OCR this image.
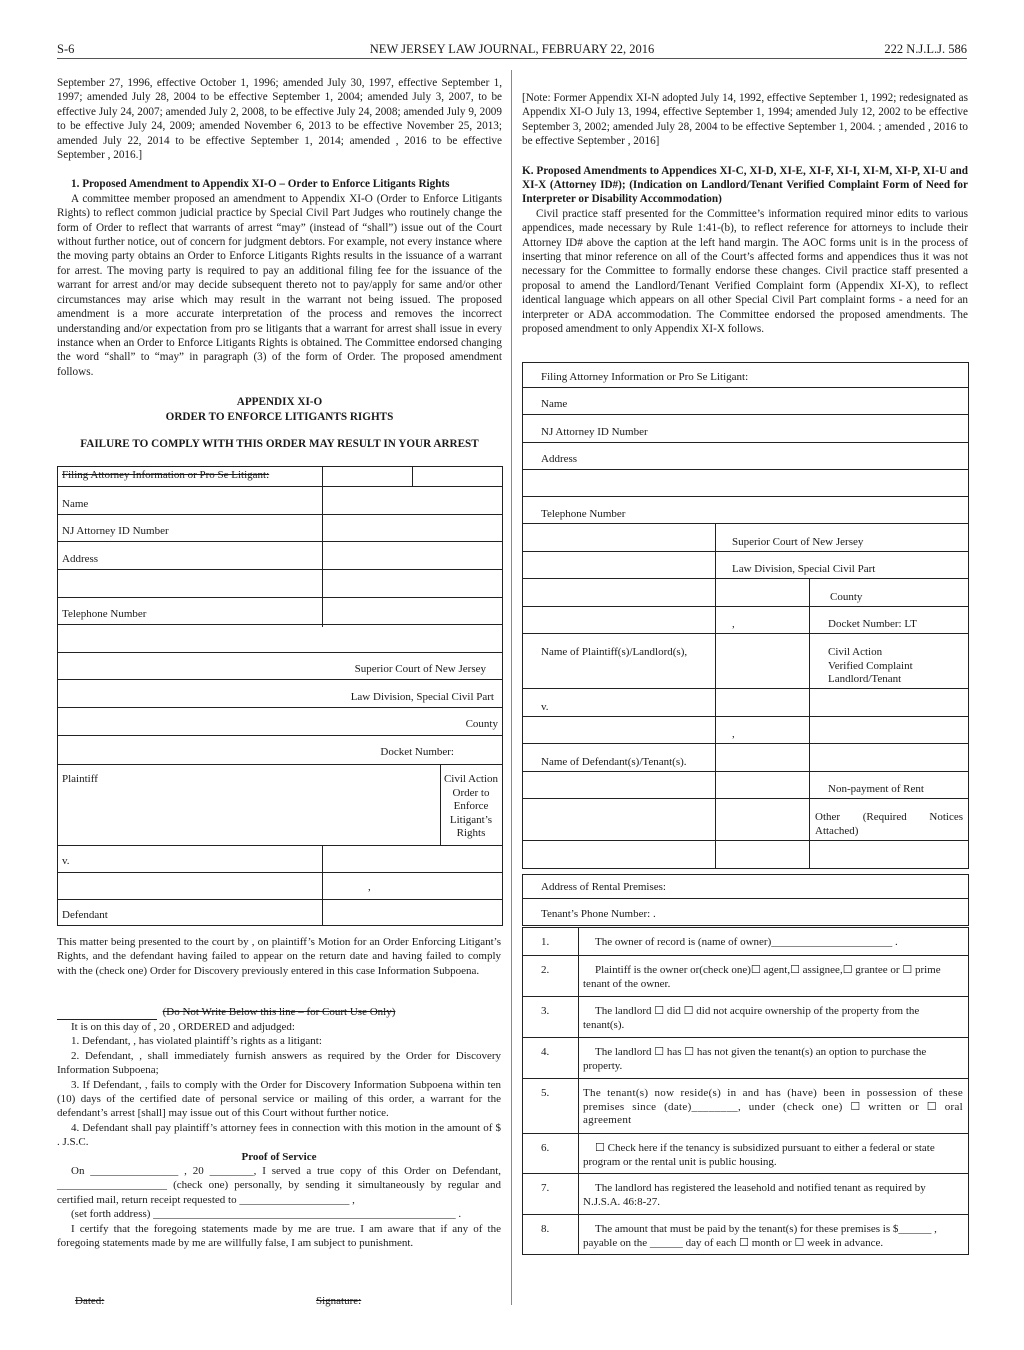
S-6	NEW JERSEY LAW JOURNAL, FEBRUARY 22, 2016	222 N.J.L.J. 586

September 27, 1996, effective October 1, 1996; amended July 30, 1997, effective September 1, 1997; amended July 28, 2004 to be effective September 1, 2004; amended July 3, 2007, to be effective July 24, 2007; amended July 2, 2008, to be effective July 24, 2008; amended July 9, 2009 to be effective July 24, 2009; amended November 6, 2013 to be effective November 25, 2013; amended July 22, 2014 to be effective September 1, 2014; amended , 2016 to be effective September , 2016.]

1. Proposed Amendment to Appendix XI-O – Order to Enforce Litigants Rights

A committee member proposed an amendment to Appendix XI-O (Order to Enforce Litigants Rights) to reflect common judicial practice by Special Civil Part Judges who routinely change the form of Order to reflect that warrants of arrest “may” (instead of “shall”) issue out of the Court without further notice, out of concern for judgment debtors. For example, not every instance where the moving party obtains an Order to Enforce Litigants Rights results in the issuance of a warrant for arrest. The moving party is required to pay an additional filing fee for the issuance of the warrant for arrest and/or may decide subsequent thereto not to pay/apply for same and/or other circumstances may arise which may result in the warrant not being issued. The proposed amendment is a more accurate interpretation of the process and removes the incorrect understanding and/or expectation from pro se litigants that a warrant for arrest shall issue in every instance when an Order to Enforce Litigants Rights is obtained. The Committee endorsed changing the word “shall” to “may” in paragraph (3) of the form of Order. The proposed amendment follows.

APPENDIX XI-O

ORDER TO ENFORCE LITIGANTS RIGHTS

FAILURE TO COMPLY WITH THIS ORDER MAY RESULT IN YOUR ARREST

Filing Attorney Information or Pro Se Litigant:
Name
NJ Attorney ID Number
Address
Telephone Number
Superior Court of New Jersey
Law Division, Special Civil Part
County
Docket Number:
Plaintiff	Civil Action
Order to
Enforce
Litigant’s
Rights
v.
,
Defendant
This matter being presented to the court by , on plaintiff’s Motion for an Order Enforcing Litigant’s Rights, and the defendant having failed to appear on the return date and having failed to comply with the (check one) Order for Discovery previously entered in this case Information Subpoena.
(Do Not Write Below this line – for Court Use Only)

It is on this day of , 20 , ORDERED and adjudged:

1. Defendant, , has violated plaintiff’s rights as a litigant:

2. Defendant, , shall immediately furnish answers as required by the Order for Discovery Information Subpoena;

3. If Defendant, , fails to comply with the Order for Discovery Information Subpoena within ten (10) days of the certified date of personal service or mailing of this order, a warrant for the defendant’s arrest [shall] may issue out of this Court without further notice.

4. Defendant shall pay plaintiff’s attorney fees in connection with this motion in the amount of $ . J.S.C.

Proof of Service

On ________________ , 20 ________, I served a true copy of this Order on Defendant, ____________________ (check one) personally, by sending it simultaneously by regular and certified mail, return receipt requested to ____________________ ,

(set forth address) _______________________________________________________ .

I certify that the foregoing statements made by me are true. I am aware that if any of the foregoing statements made by me are willfully false, I am subject to punishment.

Dated:	Signature:

[Note: Former Appendix XI-N adopted July 14, 1992, effective September 1, 1992; redesignated as Appendix XI-O July 13, 1994, effective September 1, 1994; amended July 12, 2002 to be effective September 3, 2002; amended July 28, 2004 to be effective September 1, 2004. ; amended , 2016 to be effective September , 2016]

K. Proposed Amendments to Appendices XI-C, XI-D, XI-E, XI-F, XI-I, XI-M, XI-P, XI-U and XI-X (Attorney ID#); (Indication on Landlord/Tenant Verified Complaint Form of Need for Interpreter or Disability Accommodation)

Civil practice staff presented for the Committee’s information required minor edits to various appendices, made necessary by Rule 1:41-(b), to reflect reference for attorneys to include their Attorney ID# above the caption at the left hand margin. The AOC forms unit is in the process of inserting that minor reference on all of the Court’s affected forms and appendices thus it was not necessary for the Committee to formally endorse these changes. Civil practice staff presented a proposal to amend the Landlord/Tenant Verified Complaint form (Appendix XI-X), to reflect identical language which appears on all other Special Civil Part complaint forms - a need for an interpreter or ADA accommodation. The Committee endorsed the proposed amendments. The proposed amendment to only Appendix XI-X follows.

Filing Attorney Information or Pro Se Litigant:
Name
NJ Attorney ID Number
Address
Telephone Number
Superior Court of New Jersey
Law Division, Special Civil Part
County
,	Docket Number: LT
Name of Plaintiff(s)/Landlord(s),	Civil Action
Verified Complaint
Landlord/Tenant
v.
,
Name of Defendant(s)/Tenant(s).
Non-payment of Rent
Other (Required Notices Attached)
Address of Rental Premises:
Tenant’s Phone Number: .
1.	The owner of record is (name of owner)______________________ .
2.	Plaintiff is the owner or(check one)☐ agent,☐ assignee,☐ grantee or ☐ prime tenant of the owner.
3.	The landlord ☐ did ☐ did not acquire ownership of the property from the tenant(s).
4.	The landlord ☐ has ☐ has not given the tenant(s) an option to purchase the property.
5.	The tenant(s) now reside(s) in and has (have) been in possession of these premises since (date)________, under (check one) ☐ written or ☐ oral agreement
6.	☐ Check here if the tenancy is subsidized pursuant to either a federal or state program or the rental unit is public housing.
7.	The landlord has registered the leasehold and notified tenant as required by N.J.S.A. 46:8-27.
8.	The amount that must be paid by the tenant(s) for these premises is $______ , payable on the ______ day of each ☐ month or ☐ week in advance.
